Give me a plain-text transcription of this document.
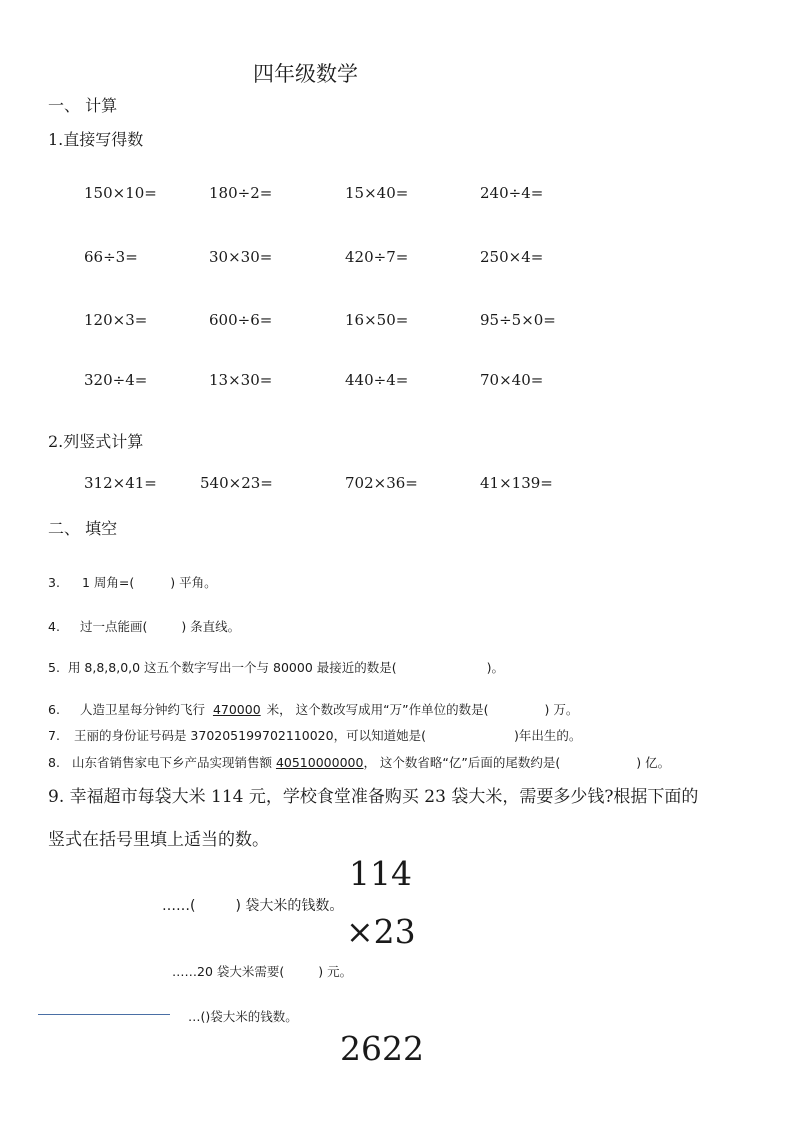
四年级数学
一、 计算
1.直接写得数
150×10=	180÷2=	15×40=	240÷4=
66÷3=	30×30=	420÷7=	250×4=
120×3=	600÷6=	16×50=	95÷5×0=
320÷4=	13×30=	440÷4=	70×40=
2.列竖式计算
312×41=	540×23=	702×36=	41×139=
二、 填空
3. 1 周角=(	) 平角。
4. 过一点能画(	) 条直线。
5. 用 8,8,8,0,0 这五个数字写出一个与 80000 最接近的数是(	)。
6. 人造卫星每分钟约飞行 470000 米， 这个数改写成用“万”作单位的数是(	) 万。
7. 王丽的身份证号码是 370205199702110020，可以知道她是(	)年出生的。
8. 山东省销售家电下乡产品实现销售额 40510000000， 这个数省略“亿”后面的尾数约是(	) 亿。
9. 幸福超市每袋大米 114 元，学校食堂准备购买 23 袋大米，需要多少钱?根据下面的
竖式在括号里填上适当的数。
114
……(	) 袋大米的钱数。
×23
……20 袋大米需要(	) 元。
…()袋大米的钱数。
2622
